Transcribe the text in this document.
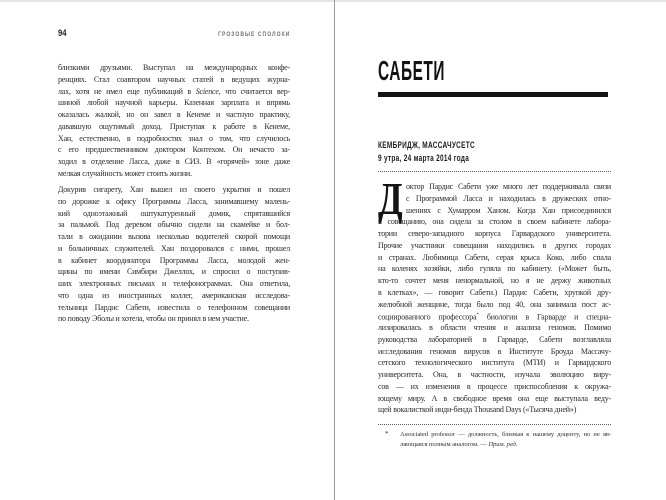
94	ГРОЗОВЫЕ СПОЛОХИ
близкими друзьями. Выступал на международных конфе-
ренциях. Стал соавтором научных статей в ведущих журна-
лах, хотя не имел еще публикаций в Science, что считается вер-
шиной любой научной карьеры. Казенная зарплата и впрямь
оказалась жалкой, но он завел в Кенеме и частную практику,
дававшую ощутимый доход. Приступая к работе в Кенеме,
Хан, естественно, в подробностях знал о том, что случилось
с его предшественником доктором Контехом. Он нечасто за-
ходил в отделение Ласса, даже в СИЗ. В «горячей» зоне даже
мелкая случайность может стоить жизни.
Докурив сигарету, Хан вышел из своего укрытия и пошел
по дорожке к офису Программы Ласса, занимавшему малень-
кий одноэтажный оштукатуренный домик, спрятавшийся
за пальмой. Под деревом обычно сидели на скамейке и бол-
тали в ожидании вызова несколько водителей скорой помощи
и больничных служителей. Хан поздоровался с ними, прошел
в кабинет координатора Программы Ласса, молодой жен-
щины по имени Симбири Джеллох, и спросил о поступив-
ших электронных письмах и телефонограммах. Она ответила,
что одна из иностранных коллег, американская исследова-
тельница Пардис Сабети, известила о телефонном совещании
по поводу Эболы и хотела, чтобы он принял в нем участие.
САБЕТИ
КЕМБРИДЖ, МАССАЧУСЕТС
9 утра, 24 марта 2014 года
Д октор Пардис Сабети уже много лет поддерживала связи
с Программой Ласса и находилась в дружеских отно-
шениях с Хумарром Ханом. Когда Хан присоединился
к совещанию, она сидела за столом в своем кабинете лабора-
тории северо-западного корпуса Гарвардского университета.
Прочие участники совещания находились в других городах
и странах. Любимица Сабети, серая крыса Коко, либо спала
на коленях хозяйки, либо гуляла по кабинету. («Может быть,
кто-то сочтет меня ненормальной, но я не держу животных
в клетках», — говорит Сабети.) Пардис Сабети, хрупкой дру-
желюбной женщине, тогда было под 40, она занимала пост ас-
социированного профессора* биологии в Гарварде и специа-
лизировалась в области чтения и анализа геномов. Помимо
руководства лабораторией в Гарварде, Сабети возглавляла
исследования геномов вирусов в Институте Броуда Массачу-
сетского технологического института (МТИ) и Гарвардского
университета. Она, в частности, изучала эволюцию виру-
сов — их изменения в процессе приспособления к окружа-
ющему миру. А в свободное время она еще выступала веду-
щей вокалисткой инди-бенда Thousand Days («Тысяча дней»)
* Associated professor — должность, близкая к нашему доценту, но не яв-
ляющаяся полным аналогом. — Прим. ред.
